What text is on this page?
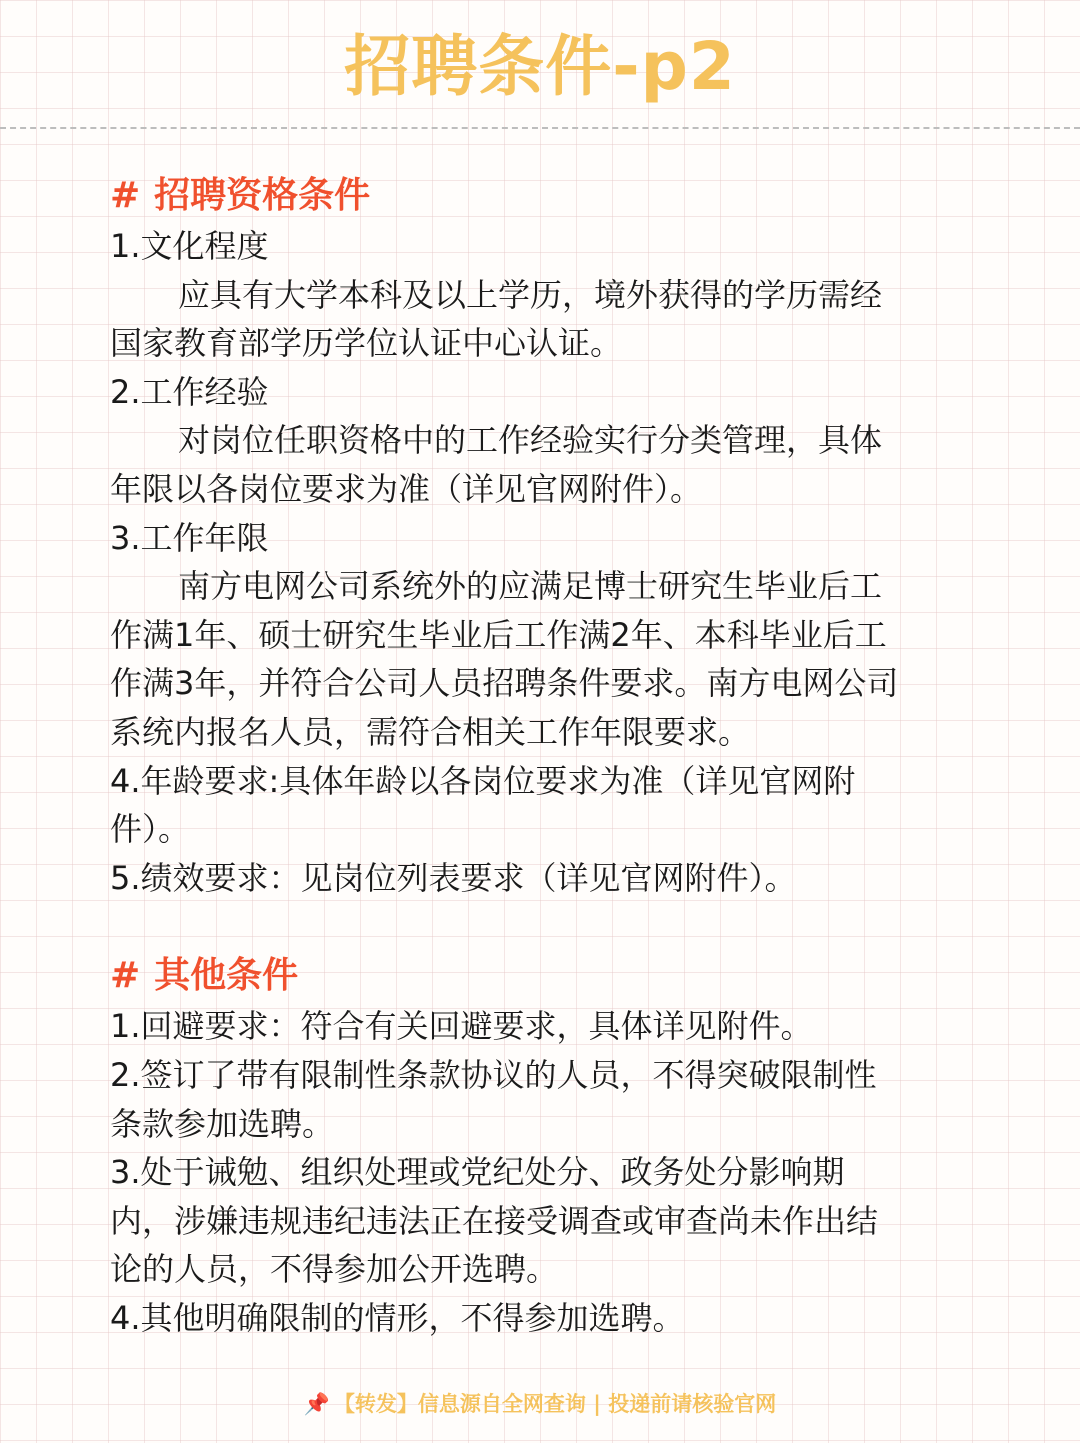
招聘条件-p2
# 招聘资格条件

1.文化程度

应具有大学本科及以上学历，境外获得的学历需经

国家教育部学历学位认证中心认证。

2.工作经验

对岗位任职资格中的工作经验实行分类管理，具体

年限以各岗位要求为准（详见官网附件）。

3.工作年限

南方电网公司系统外的应满足博士研究生毕业后工

作满1年、硕士研究生毕业后工作满2年、本科毕业后工

作满3年，并符合公司人员招聘条件要求。南方电网公司

系统内报名人员，需符合相关工作年限要求。

4.年龄要求:具体年龄以各岗位要求为准（详见官网附

件）。

5.绩效要求：见岗位列表要求（详见官网附件）。

# 其他条件

1.回避要求：符合有关回避要求，具体详见附件。

2.签订了带有限制性条款协议的人员，不得突破限制性

条款参加选聘。

3.处于诫勉、组织处理或党纪处分、政务处分影响期

内，涉嫌违规违纪违法正在接受调查或审查尚未作出结

论的人员，不得参加公开选聘。

4.其他明确限制的情形，不得参加选聘。

📌 【转发】信息源自全网查询 | 投递前请核验官网
